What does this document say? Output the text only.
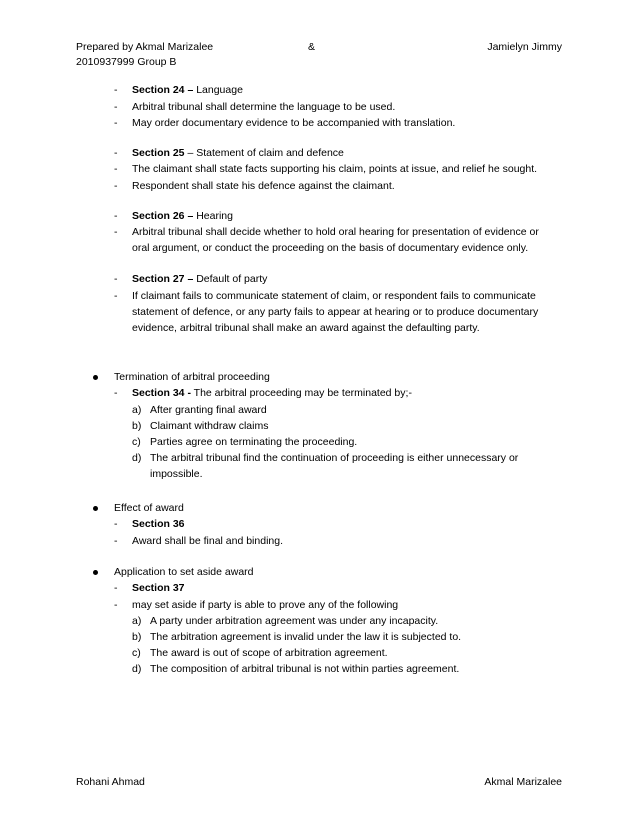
Prepared by Akmal Marizalee	&	Jamielyn Jimmy
2010937999 Group B
- Section 24 – Language
- Arbitral tribunal shall determine the language to be used.
- May order documentary evidence to be accompanied with translation.
- Section 25 – Statement of claim and defence
- The claimant shall state facts supporting his claim, points at issue, and relief he sought.
- Respondent shall state his defence against the claimant.
- Section 26 – Hearing
- Arbitral tribunal shall decide whether to hold oral hearing for presentation of evidence or
oral argument, or conduct the proceeding on the basis of documentary evidence only.
- Section 27 – Default of party
- If claimant fails to communicate statement of claim, or respondent fails to communicate
statement of defence, or any party fails to appear at hearing or to produce documentary
evidence, arbitral tribunal shall make an award against the defaulting party.
Termination of arbitral proceeding
- Section 34 - The arbitral proceeding may be terminated by;-
a) After granting final award
b) Claimant withdraw claims
c) Parties agree on terminating the proceeding.
d) The arbitral tribunal find the continuation of proceeding is either unnecessary or
impossible.
Effect of award
- Section 36
- Award shall be final and binding.
Application to set aside award
- Section 37
- may set aside if party is able to prove any of the following
a) A party under arbitration agreement was under any incapacity.
b) The arbitration agreement is invalid under the law it is subjected to.
c) The award is out of scope of arbitration agreement.
d) The composition of arbitral tribunal is not within parties agreement.
Rohani Ahmad	Akmal Marizalee
